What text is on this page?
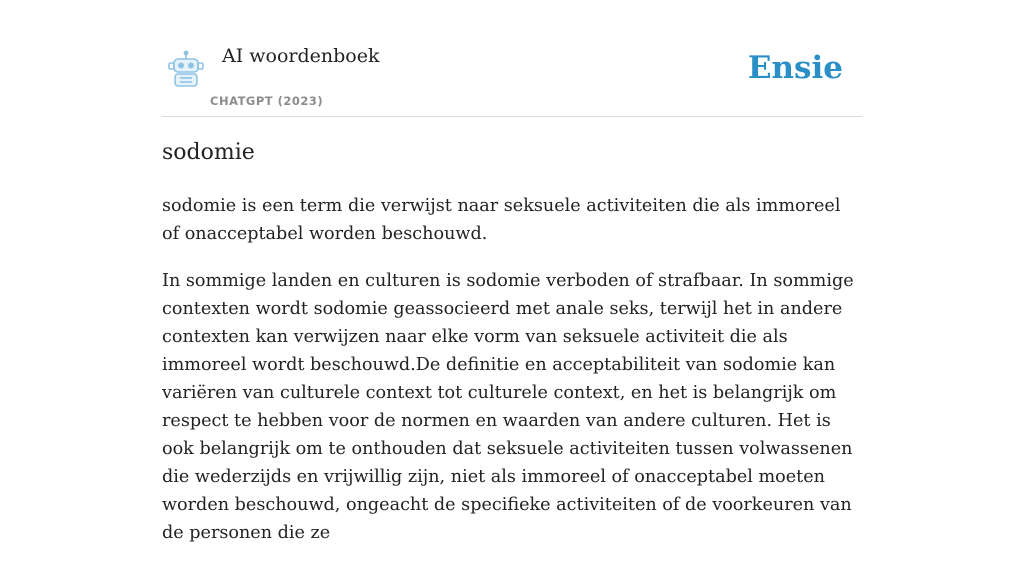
AI woordenboek
CHATGPT (2023)
Ensie
sodomie

sodomie is een term die verwijst naar seksuele activiteiten die als immoreel of onacceptabel worden beschouwd.

In sommige landen en culturen is sodomie verboden of strafbaar. In sommige contexten wordt sodomie geassocieerd met anale seks, terwijl het in andere contexten kan verwijzen naar elke vorm van seksuele activiteit die als immoreel wordt beschouwd.De definitie en acceptabiliteit van sodomie kan variëren van culturele context tot culturele context, en het is belangrijk om respect te hebben voor de normen en waarden van andere culturen. Het is ook belangrijk om te onthouden dat seksuele activiteiten tussen volwassenen die wederzijds en vrijwillig zijn, niet als immoreel of onacceptabel moeten worden beschouwd, ongeacht de specifieke activiteiten of de voorkeuren van de personen die ze
